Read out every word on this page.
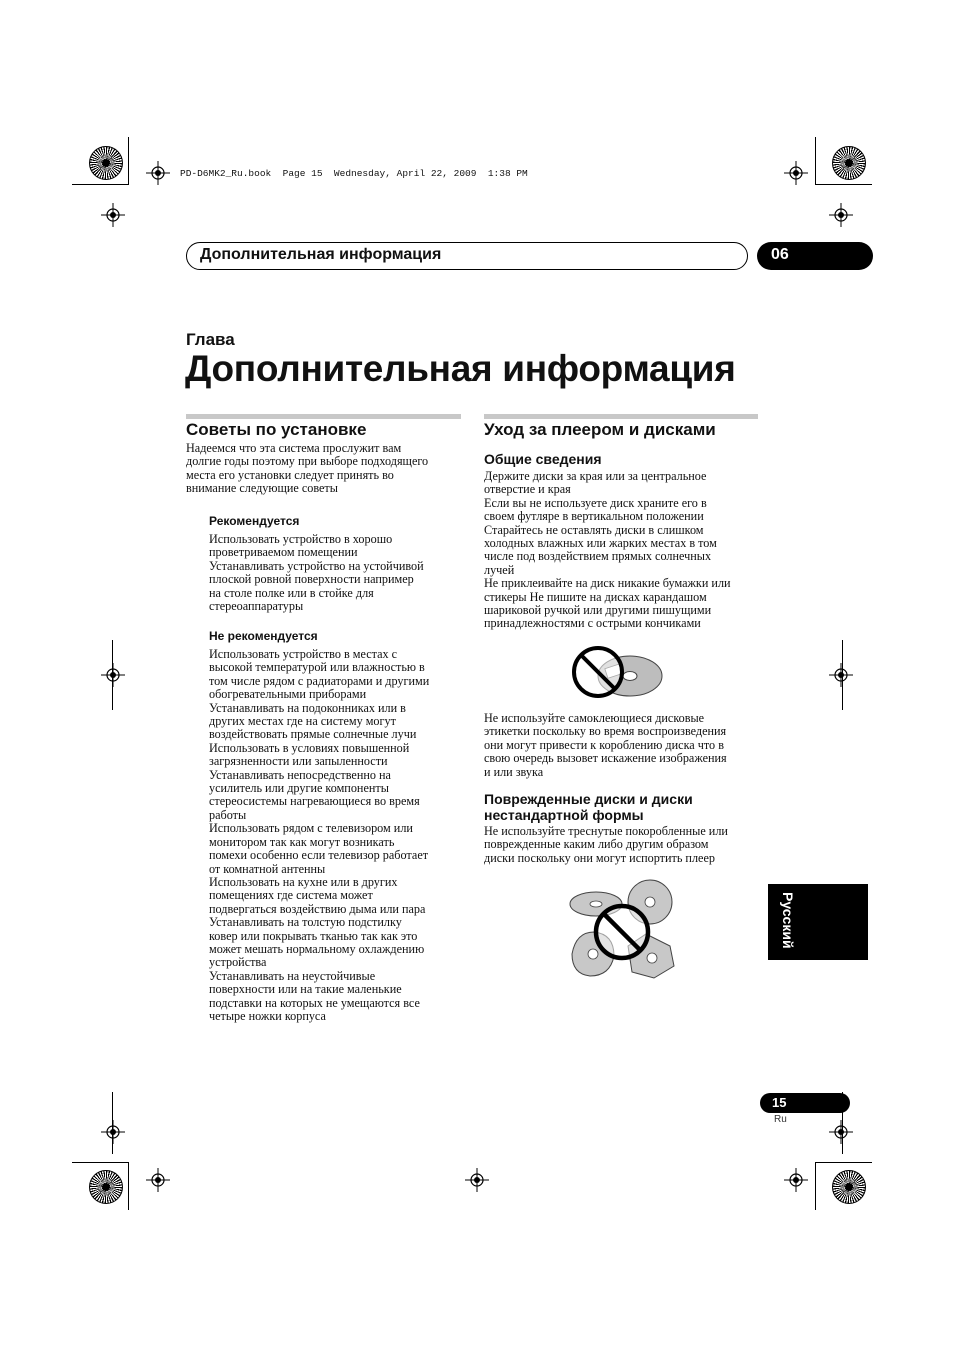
PD-D6MK2_Ru.book  Page 15  Wednesday, April 22, 2009  1:38 PM
Дополнительная информация	06
Глава
Дополнительная информация
Советы по установке

Надеемся что эта система прослужит вам

долгие годы поэтому при выборе подходящего

места его установки следует принять во

внимание следующие советы

Рекомендуется

Использовать устройство в хорошо

проветриваемом помещении

Устанавливать устройство на устойчивой

плоской ровной поверхности например

на столе полке или в стойке для

стереоаппаратуры

Не рекомендуется

Использовать устройство в местах с

высокой температурой или влажностью в

том числе рядом с радиаторами и другими

обогревательными приборами

Устанавливать на подоконниках или в

других местах где на систему могут

воздействовать прямые солнечные лучи

Использовать в условиях повышенной

загрязненности или запыленности

Устанавливать непосредственно на

усилитель или другие компоненты

стереосистемы нагревающиеся во время

работы

Использовать рядом с телевизором или

монитором так как могут возникать

помехи особенно если телевизор работает

от комнатной антенны

Использовать на кухне или в других

помещениях где система может

подвергаться воздействию дыма или пара

Устанавливать на толстую подстилку

ковер или покрывать тканью так как это

может мешать нормальному охлаждению

устройства

Устанавливать на неустойчивые

поверхности или на такие маленькие

подставки на которых не умещаются все

четыре ножки корпуса

Уход за плеером и дисками
Общие сведения

Держите диски за края или за центральное

отверстие и края

Если вы не используете диск храните его в

своем футляре в вертикальном положении

Старайтесь не оставлять диски в слишком

холодных влажных или жарких местах в том

числе под воздействием прямых солнечных

лучей

Не приклеивайте на диск никакие бумажки или

стикеры Не пишите на дисках карандашом

шариковой ручкой или другими пишущими

принадлежностями с острыми кончиками

Не используйте самоклеющиеся дисковые

этикетки поскольку во время воспроизведения

они могут привести к короблению диска что в

свою очередь вызовет искажение изображения

и или звука

Поврежденные диски и диски
нестандартной формы

Не используйте треснутые покоробленные или

поврежденные каким либо другим образом

диски поскольку они могут испортить плеер

Русский
15
Ru
